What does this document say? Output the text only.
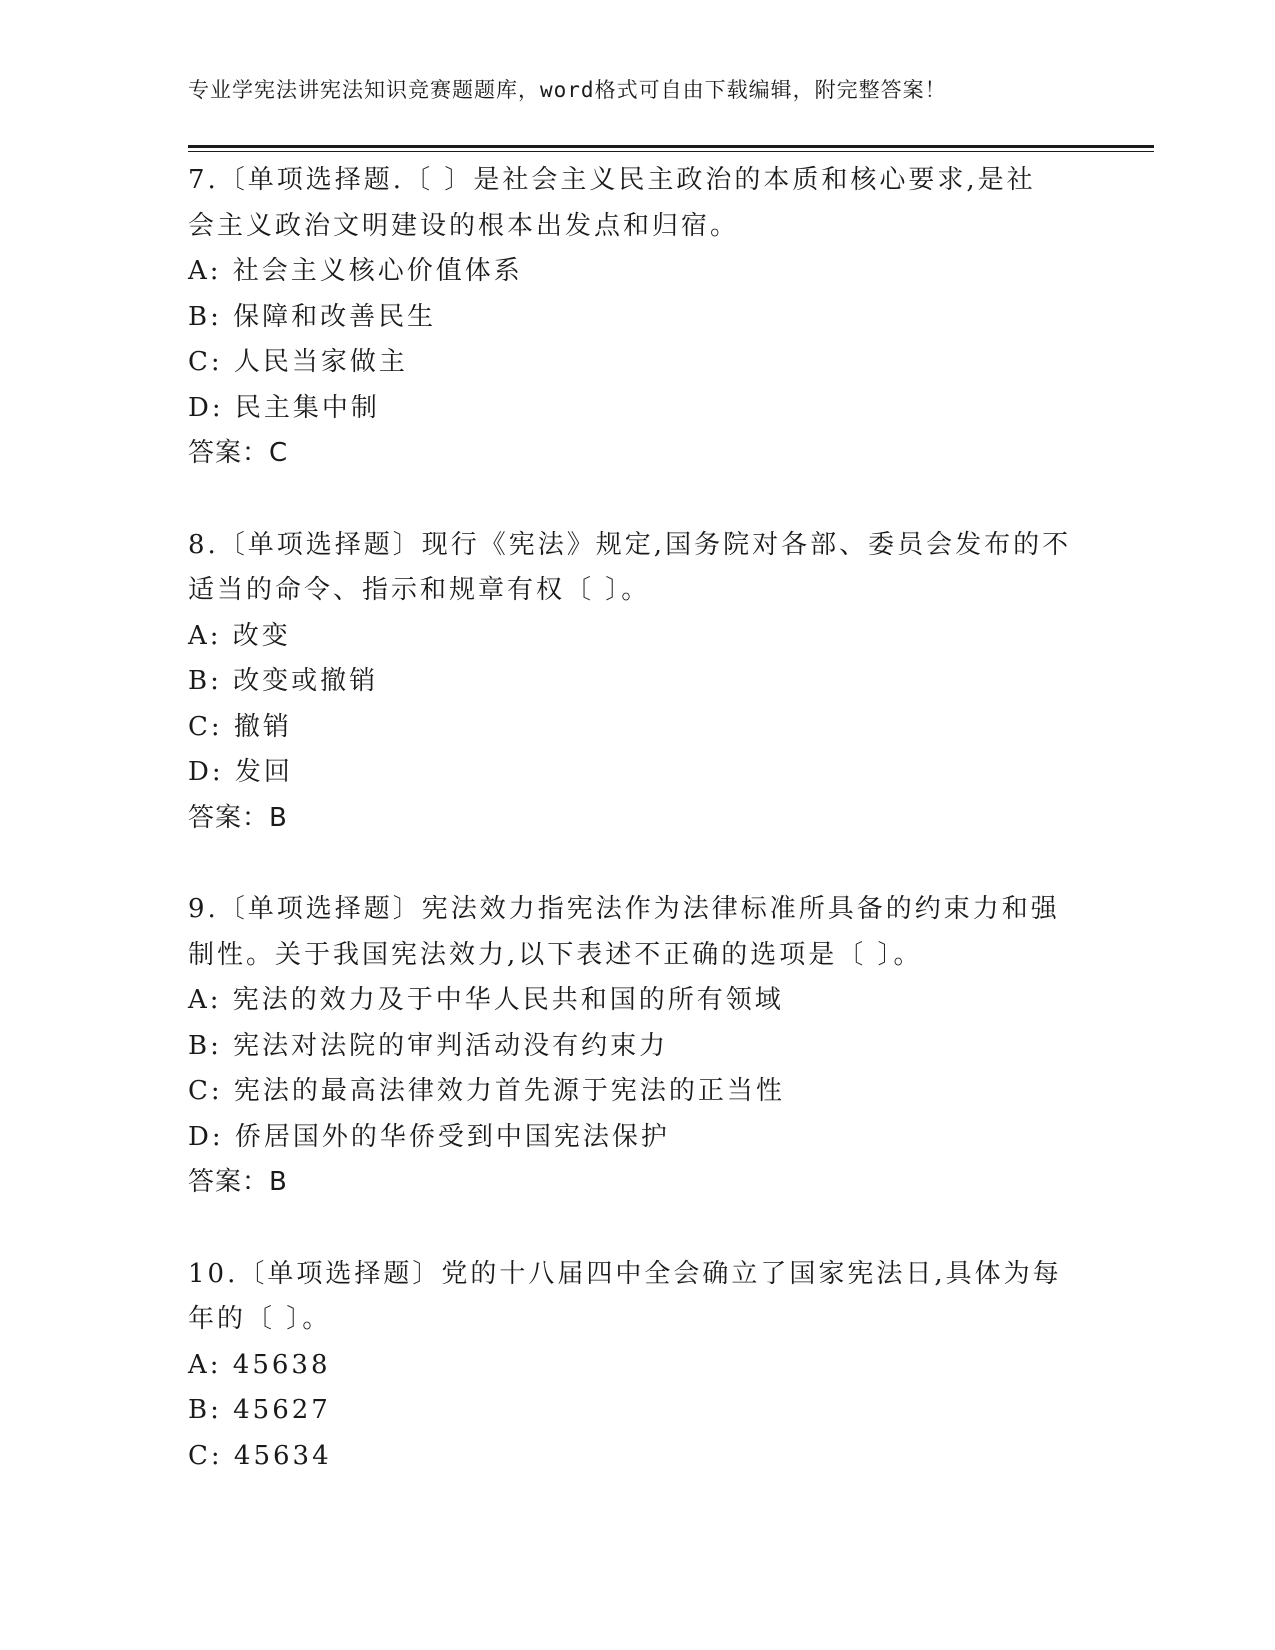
专业学宪法讲宪法知识竞赛题题库，word格式可自由下载编辑，附完整答案！
7.〔单项选择题.〔 〕是社会主义民主政治的本质和核心要求,是社
会主义政治文明建设的根本出发点和归宿。
A: 社会主义核心价值体系
B: 保障和改善民生
C: 人民当家做主
D: 民主集中制
答案：C
8.〔单项选择题〕现行《宪法》规定,国务院对各部、委员会发布的不
适当的命令、指示和规章有权〔 〕。
A: 改变
B: 改变或撤销
C: 撤销
D: 发回
答案：B
9.〔单项选择题〕宪法效力指宪法作为法律标准所具备的约束力和强
制性。关于我国宪法效力,以下表述不正确的选项是〔 〕。
A: 宪法的效力及于中华人民共和国的所有领域
B: 宪法对法院的审判活动没有约束力
C: 宪法的最高法律效力首先源于宪法的正当性
D: 侨居国外的华侨受到中国宪法保护
答案：B
10.〔单项选择题〕党的十八届四中全会确立了国家宪法日,具体为每
年的〔 〕。
A: 45638
B: 45627
C: 45634
